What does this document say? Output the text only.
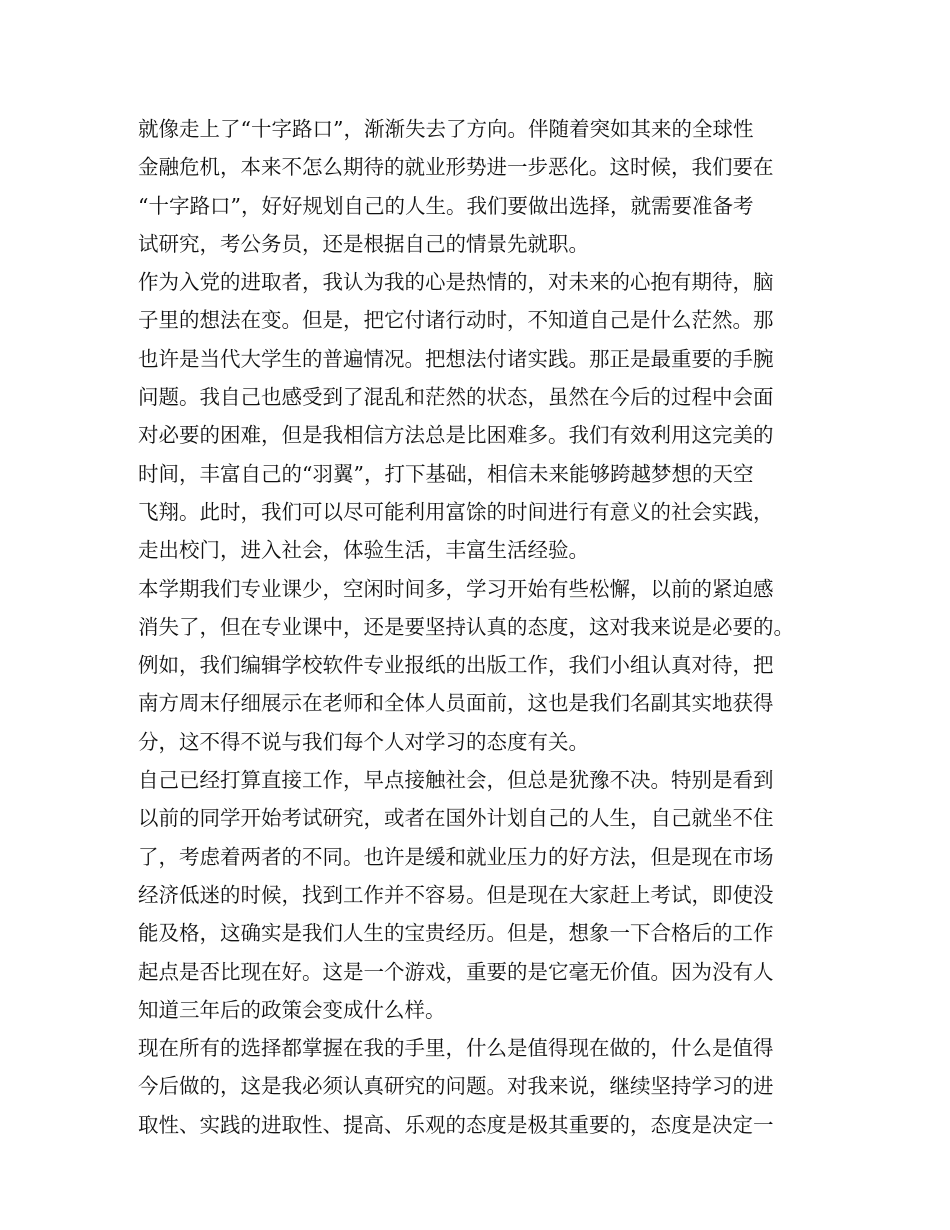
就像走上了“十字路口”，渐渐失去了方向。伴随着突如其来的全球性
金融危机，本来不怎么期待的就业形势进一步恶化。这时候，我们要在
“十字路口”，好好规划自己的人生。我们要做出选择，就需要准备考
试研究，考公务员，还是根据自己的情景先就职。
作为入党的进取者，我认为我的心是热情的，对未来的心抱有期待，脑
子里的想法在变。但是，把它付诸行动时，不知道自己是什么茫然。那
也许是当代大学生的普遍情况。把想法付诸实践。那正是最重要的手腕
问题。我自己也感受到了混乱和茫然的状态，虽然在今后的过程中会面
对必要的困难，但是我相信方法总是比困难多。我们有效利用这完美的
时间，丰富自己的“羽翼”，打下基础，相信未来能够跨越梦想的天空
飞翔。此时，我们可以尽可能利用富馀的时间进行有意义的社会实践，
走出校门，进入社会，体验生活，丰富生活经验。
本学期我们专业课少，空闲时间多，学习开始有些松懈，以前的紧迫感
消失了，但在专业课中，还是要坚持认真的态度，这对我来说是必要的。
例如，我们编辑学校软件专业报纸的出版工作，我们小组认真对待，把
南方周末仔细展示在老师和全体人员面前，这也是我们名副其实地获得
分，这不得不说与我们每个人对学习的态度有关。
自己已经打算直接工作，早点接触社会，但总是犹豫不决。特别是看到
以前的同学开始考试研究，或者在国外计划自己的人生，自己就坐不住
了，考虑着两者的不同。也许是缓和就业压力的好方法，但是现在市场
经济低迷的时候，找到工作并不容易。但是现在大家赶上考试，即使没
能及格，这确实是我们人生的宝贵经历。但是，想象一下合格后的工作
起点是否比现在好。这是一个游戏，重要的是它毫无价值。因为没有人
知道三年后的政策会变成什么样。
现在所有的选择都掌握在我的手里，什么是值得现在做的，什么是值得
今后做的，这是我必须认真研究的问题。对我来说，继续坚持学习的进
取性、实践的进取性、提高、乐观的态度是极其重要的，态度是决定一
